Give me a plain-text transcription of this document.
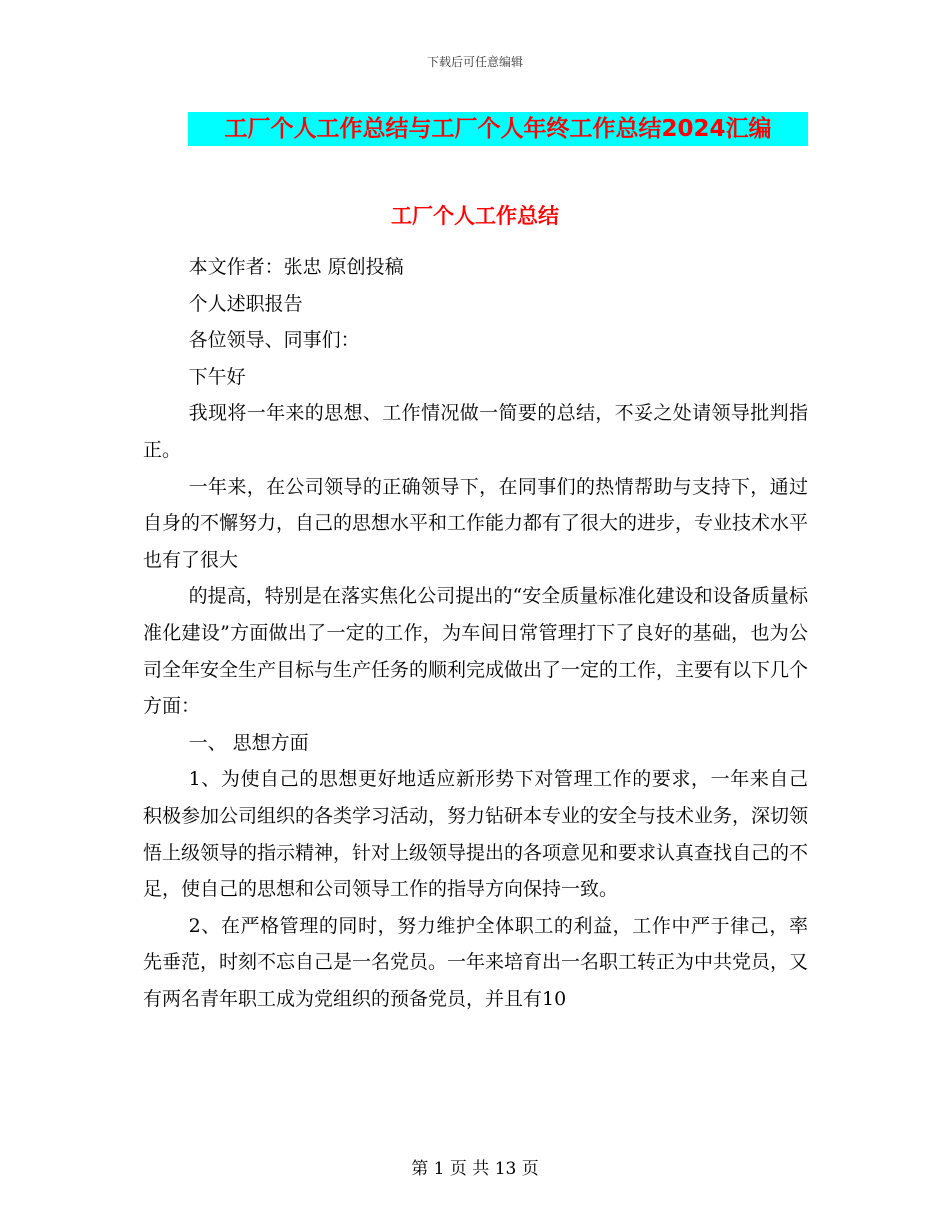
下载后可任意编辑
工厂个人工作总结与工厂个人年终工作总结2024汇编
工厂个人工作总结

本文作者：张忠 原创投稿

个人述职报告

各位领导、同事们：

下午好

我现将一年来的思想、工作情况做一简要的总结，不妥之处请领导批判指正。

一年来，在公司领导的正确领导下，在同事们的热情帮助与支持下，通过自身的不懈努力，自己的思想水平和工作能力都有了很大的进步，专业技术水平也有了很大

的提高，特别是在落实焦化公司提出的“安全质量标准化建设和设备质量标准化建设”方面做出了一定的工作，为车间日常管理打下了良好的基础，也为公司全年安全生产目标与生产任务的顺利完成做出了一定的工作，主要有以下几个方面：

一、 思想方面

1、为使自己的思想更好地适应新形势下对管理工作的要求，一年来自己积极参加公司组织的各类学习活动，努力钻研本专业的安全与技术业务，深切领悟上级领导的指示精神，针对上级领导提出的各项意见和要求认真查找自己的不足，使自己的思想和公司领导工作的指导方向保持一致。

2、在严格管理的同时，努力维护全体职工的利益，工作中严于律己，率先垂范，时刻不忘自己是一名党员。一年来培育出一名职工转正为中共党员，又有两名青年职工成为党组织的预备党员，并且有10

第 1 页 共 13 页
